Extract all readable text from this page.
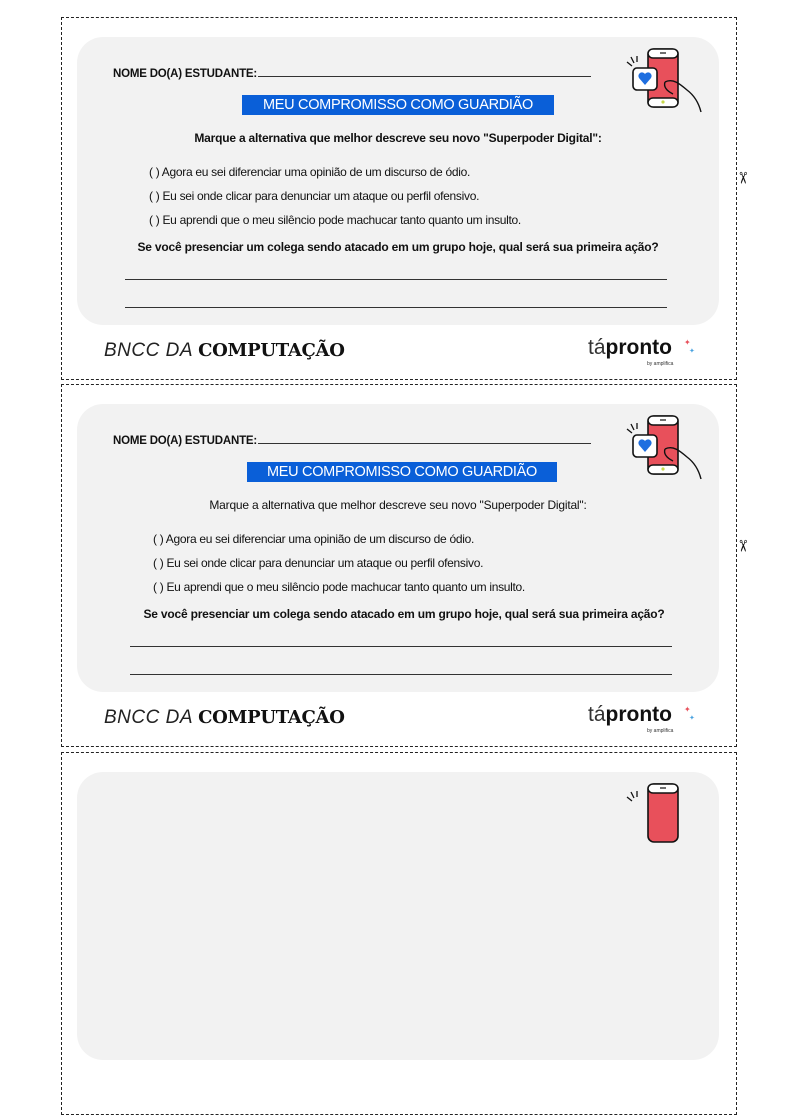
NOME DO(A) ESTUDANTE:
MEU COMPROMISSO COMO GUARDIÃO
Marque a alternativa que melhor descreve seu novo "Superpoder Digital":
( ) Agora eu sei diferenciar uma opinião de um discurso de ódio.
( ) Eu sei onde clicar para denunciar um ataque ou perfil ofensivo.
( ) Eu aprendi que o meu silêncio pode machucar tanto quanto um insulto.
Se você presenciar um colega sendo atacado em um grupo hoje, qual será sua primeira ação?
BNCC DA COMPUTAÇÃO	tápronto ✦
✦
by amplifica
✂
NOME DO(A) ESTUDANTE:
MEU COMPROMISSO COMO GUARDIÃO
Marque a alternativa que melhor descreve seu novo "Superpoder Digital":
( ) Agora eu sei diferenciar uma opinião de um discurso de ódio.
( ) Eu sei onde clicar para denunciar um ataque ou perfil ofensivo.
( ) Eu aprendi que o meu silêncio pode machucar tanto quanto um insulto.
Se você presenciar um colega sendo atacado em um grupo hoje, qual será sua primeira ação?
BNCC DA COMPUTAÇÃO	tápronto ✦
✦
by amplifica
✂
